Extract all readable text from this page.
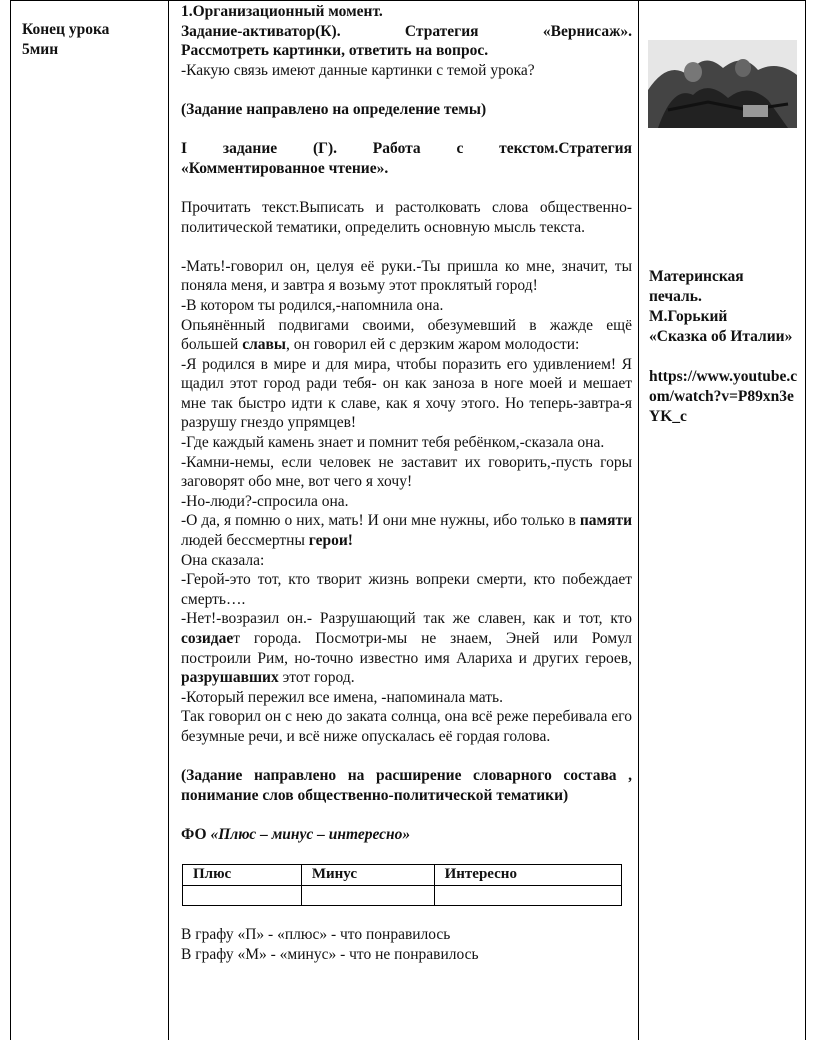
Конец урока
5мин

1.Организационный момент.

Задание-активатор(К). Стратегия «Вернисаж».

Рассмотреть картинки, ответить на вопрос.

-Какую связь имеют данные картинки с темой урока?

(Задание направлено на определение темы)

I задание (Г). Работа с текстом.Стратегия

«Комментированное чтение».

Прочитать текст.Выписать и растолковать слова общественно-политической тематики, определить основную мысль текста.

-Мать!-говорил он, целуя её руки.-Ты пришла ко мне, значит, ты поняла меня, и завтра я возьму этот проклятый город!

-В котором ты родился,-напомнила она.

Опьянённый подвигами своими, обезумевший в жажде ещё большей славы, он говорил ей с дерзким жаром молодости:

-Я родился в мире и для мира, чтобы поразить его удивлением! Я щадил этот город ради тебя- он как заноза в ноге моей и мешает мне так быстро идти к славе, как я хочу этого. Но теперь-завтра-я разрушу гнездо упрямцев!

-Где каждый камень знает и помнит тебя ребёнком,-сказала она.

-Камни-немы, если человек не заставит их говорить,-пусть горы заговорят обо мне, вот чего я хочу!

-Но-люди?-спросила она.

-О да, я помню о них, мать! И они мне нужны, ибо только в памяти людей бессмертны герои!

Она сказала:

-Герой-это тот, кто творит жизнь вопреки смерти, кто побеждает смерть….

-Нет!-возразил он.- Разрушающий так же славен, как и тот, кто созидает города. Посмотри-мы не знаем, Эней или Ромул построили Рим, но-точно известно имя Алариха и других героев, разрушавших этот город.

-Который пережил все имена, -напоминала мать.

Так говорил он с нею до заката солнца, она всё реже перебивала его безумные речи, и всё ниже опускалась её гордая голова.

(Задание направлено на расширение словарного состава , понимание слов общественно-политической тематики)

ФО «Плюс – минус – интересно»

Плюс	Минус	Интересно

В графу «П» - «плюс» - что понравилось

В графу «М» - «минус» - что не понравилось

Материнская
печаль.
М.Горький
«Сказка об Италии»
https://www.youtube.com/watch?v=P89xn3eYK_c
